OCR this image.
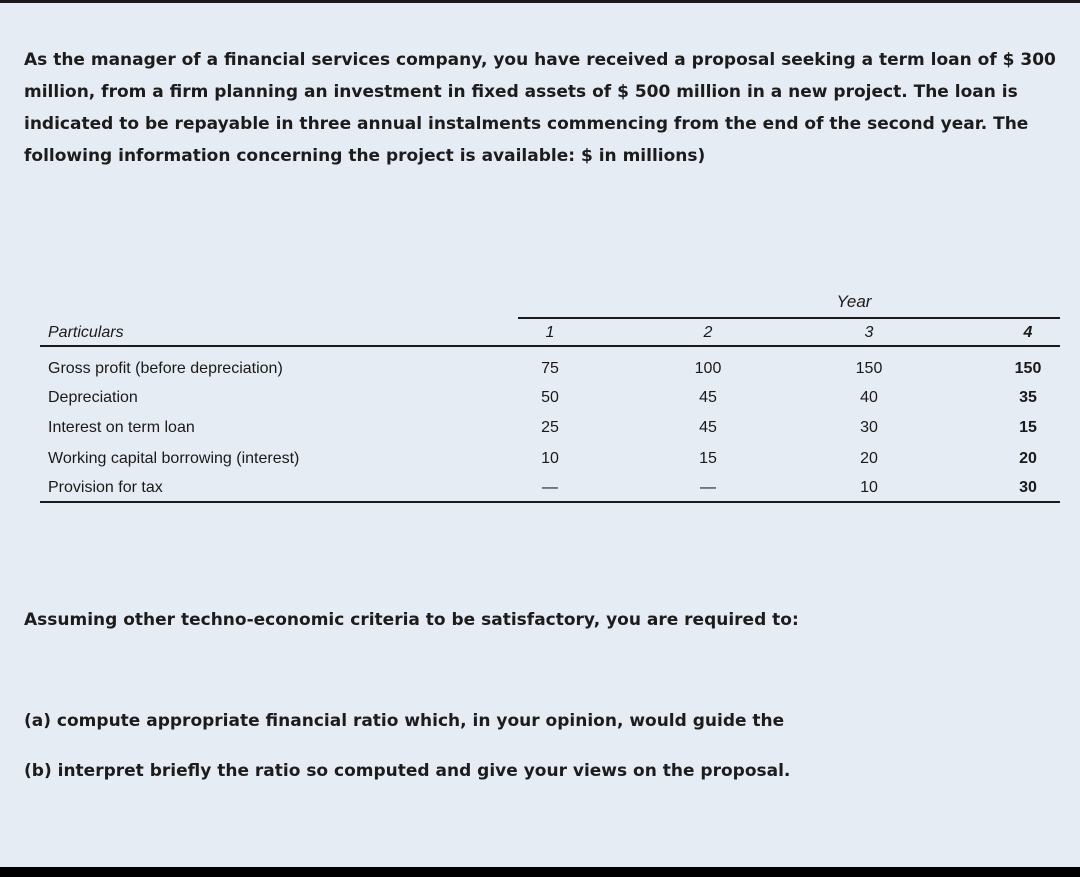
As the manager of a financial services company, you have received a proposal seeking a term loan of $ 300 million, from a firm planning an investment in fixed assets of $ 500 million in a new project. The loan is indicated to be repayable in three annual instalments commencing from the end of the second year. The following information concerning the project is available: $ in millions)

Year
Particulars	1	2	3	4
Gross profit (before depreciation)	75	100	150	150
Depreciation	50	45	40	35
Interest on term loan	25	45	30	15
Working capital borrowing (interest)	10	15	20	20
Provision for tax	—	—	10	30

Assuming other techno-economic criteria to be satisfactory, you are required to:

(a) compute appropriate financial ratio which, in your opinion, would guide the

(b) interpret briefly the ratio so computed and give your views on the proposal.
